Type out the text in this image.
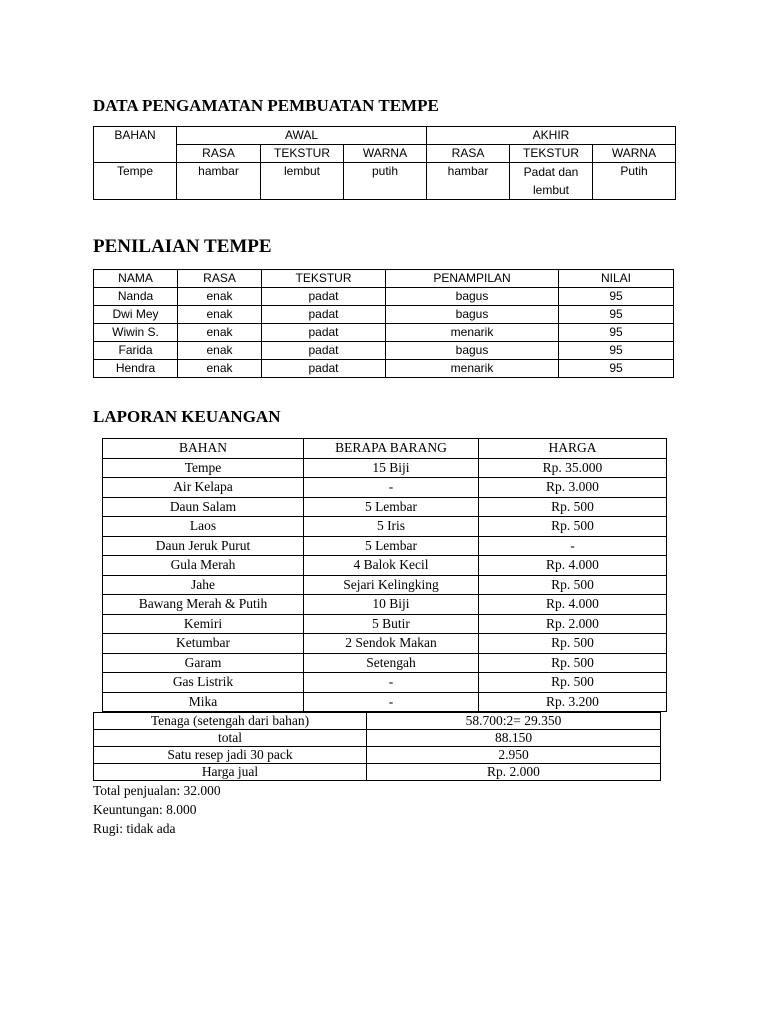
DATA PENGAMATAN PEMBUATAN TEMPE
BAHAN	AWAL			AKHIR		
	RASA	TEKSTUR	WARNA	RASA	TEKSTUR	WARNA
Tempe	hambar	lembut	putih	hambar	Padat dan lembut	Putih
PENILAIAN TEMPE
NAMA	RASA	TEKSTUR	PENAMPILAN	NILAI
Nanda	enak	padat	bagus	95
Dwi Mey	enak	padat	bagus	95
Wiwin S.	enak	padat	menarik	95
Farida	enak	padat	bagus	95
Hendra	enak	padat	menarik	95
LAPORAN KEUANGAN
BAHAN	BERAPA BARANG	HARGA
Tempe	15 Biji	Rp. 35.000
Air Kelapa	-	Rp. 3.000
Daun Salam	5 Lembar	Rp. 500
Laos	5 Iris	Rp. 500
Daun Jeruk Purut	5 Lembar	-
Gula Merah	4 Balok Kecil	Rp. 4.000
Jahe	Sejari Kelingking	Rp. 500
Bawang Merah & Putih	10 Biji	Rp. 4.000
Kemiri	5 Butir	Rp. 2.000
Ketumbar	2 Sendok Makan	Rp. 500
Garam	Setengah	Rp. 500
Gas Listrik	-	Rp. 500
Mika	-	Rp. 3.200
Tenaga (setengah dari bahan)	58.700:2= 29.350
total	88.150
Satu resep jadi 30 pack	2.950
Harga jual	Rp. 2.000
Total penjualan: 32.000
Keuntungan: 8.000
Rugi: tidak ada
